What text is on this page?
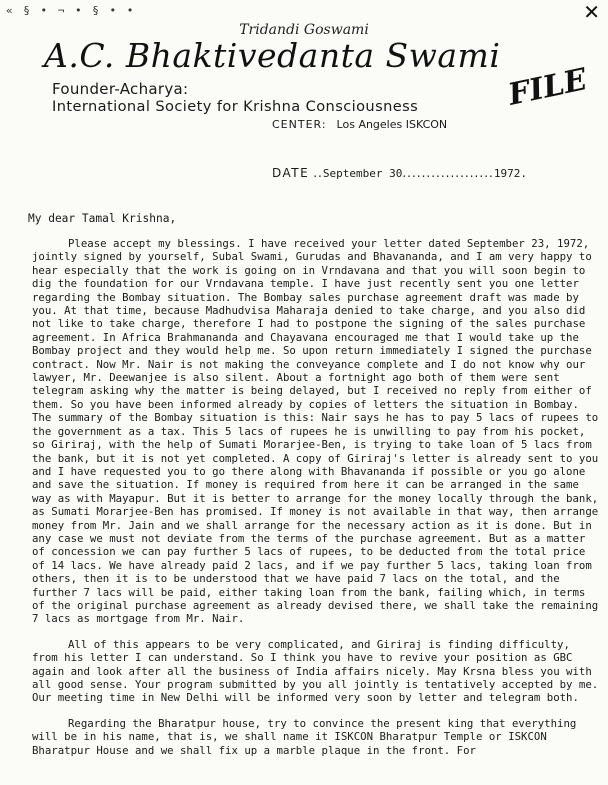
« § • ¬ • § • •	✕
Tridandi Goswami
A.C. Bhaktivedanta Swami
Founder-Acharya:
International Society for Krishna Consciousness	FILE
CENTER: Los Angeles ISKCON
DATE ..September 30...................1972.
My dear Tamal Krishna,

Please accept my blessings. I have received your letter dated September 23, 1972, jointly signed by yourself, Subal Swami, Gurudas and Bhavananda, and I am very happy to hear especially that the work is going on in Vrndavana and that you will soon begin to dig the foundation for our Vrndavana temple. I have just recently sent you one letter regarding the Bombay situation. The Bombay sales purchase agreement draft was made by you. At that time, because Madhudvisa Maharaja denied to take charge, and you also did not like to take charge, therefore I had to postpone the signing of the sales purchase agreement. In Africa Brahmananda and Chayavana encouraged me that I would take up the Bombay project and they would help me. So upon return immediately I signed the purchase contract. Now Mr. Nair is not making the conveyance complete and I do not know why our lawyer, Mr. Deewanjee is also silent. About a fortnight ago both of them were sent telegram asking why the matter is being delayed, but I received no reply from either of them. So you have been informed already by copies of letters the situation in Bombay. The summary of the Bombay situation is this: Nair says he has to pay 5 lacs of rupees to the government as a tax. This 5 lacs of rupees he is unwilling to pay from his pocket, so Giriraj, with the help of Sumati Morarjee-Ben, is trying to take loan of 5 lacs from the bank, but it is not yet completed. A copy of Giriraj's letter is already sent to you and I have requested you to go there along with Bhavananda if possible or you go alone and save the situation. If money is required from here it can be arranged in the same way as with Mayapur. But it is better to arrange for the money locally through the bank, as Sumati Morarjee-Ben has promised. If money is not available in that way, then arrange money from Mr. Jain and we shall arrange for the necessary action as it is done. But in any case we must not deviate from the terms of the purchase agreement. But as a matter of concession we can pay further 5 lacs of rupees, to be deducted from the total price of 14 lacs. We have already paid 2 lacs, and if we pay further 5 lacs, taking loan from others, then it is to be understood that we have paid 7 lacs on the total, and the further 7 lacs will be paid, either taking loan from the bank, failing which, in terms of the original purchase agreement as already devised there, we shall take the remaining 7 lacs as mortgage from Mr. Nair.

All of this appears to be very complicated, and Giriraj is finding difficulty, from his letter I can understand. So I think you have to revive your position as GBC again and look after all the business of India affairs nicely. May Krsna bless you with all good sense. Your program submitted by you all jointly is tentatively accepted by me. Our meeting time in New Delhi will be informed very soon by letter and telegram both.

Regarding the Bharatpur house, try to convince the present king that everything will be in his name, that is, we shall name it ISKCON Bharatpur Temple or ISKCON Bharatpur House and we shall fix up a marble plaque in the front. For
